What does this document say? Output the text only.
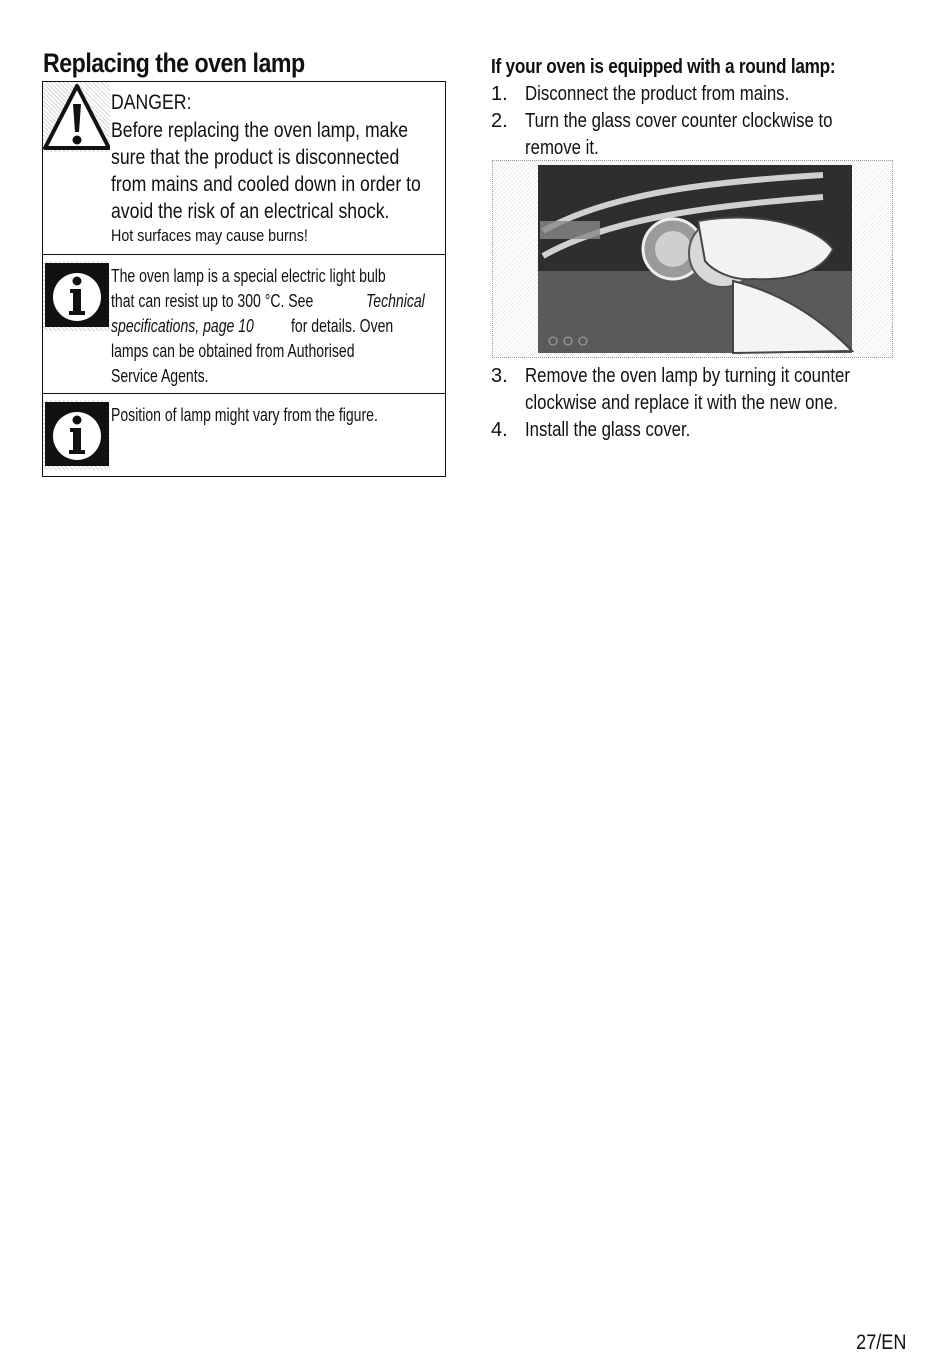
Replacing the oven lamp
DANGER:
Before replacing the oven lamp, make
sure that the product is disconnected
from mains and cooled down in order to
avoid the risk of an electrical shock.
Hot surfaces may cause burns!
The oven lamp is a special electric light bulb
that can resist up to 300 °C. See	Technical
specifications, page 10 for details. Oven
lamps can be obtained from Authorised
Service Agents.
Position of lamp might vary from the figure.
If your oven is equipped with a round lamp:
1. Disconnect the product from mains.
2. Turn the glass cover counter clockwise to
remove it.
3. Remove the oven lamp by turning it counter
clockwise and replace it with the new one.
4. Install the glass cover.
27/EN
